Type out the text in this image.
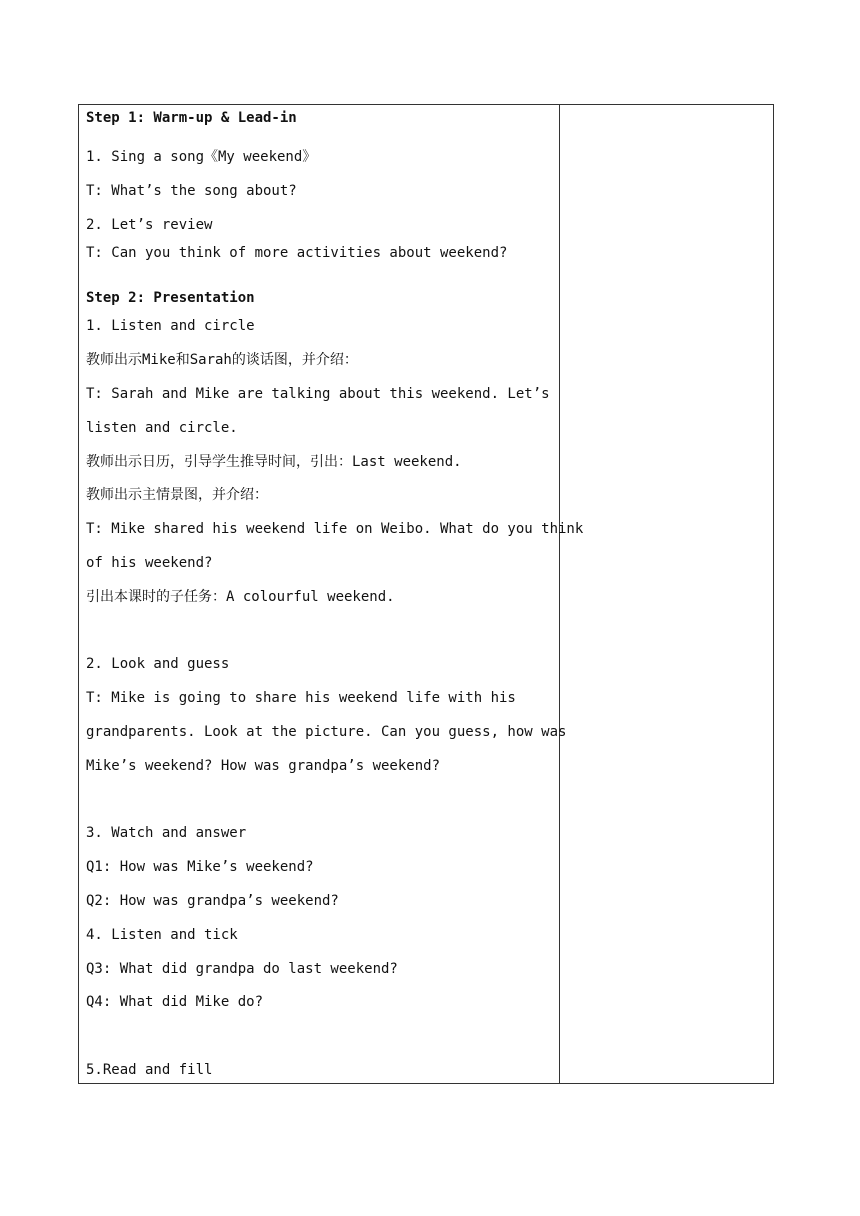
Step 1: Warm-up & Lead-in
1. Sing a song《My weekend》
T: What’s the song about?
2. Let’s review
T: Can you think of more activities about weekend?
Step 2: Presentation
1. Listen and circle
教师出示Mike和Sarah的谈话图，并介绍：
T: Sarah and Mike are talking about this weekend. Let’s
listen and circle.
教师出示日历，引导学生推导时间，引出：Last weekend.
教师出示主情景图，并介绍：
T: Mike shared his weekend life on Weibo. What do you think
of his weekend?
引出本课时的子任务：A colourful weekend.
2. Look and guess
T: Mike is going to share his weekend life with his
grandparents. Look at the picture. Can you guess, how was
Mike’s weekend? How was grandpa’s weekend?
3. Watch and answer
Q1: How was Mike’s weekend?
Q2: How was grandpa’s weekend?
4. Listen and tick
Q3: What did grandpa do last weekend?
Q4: What did Mike do?
5.Read and fill
